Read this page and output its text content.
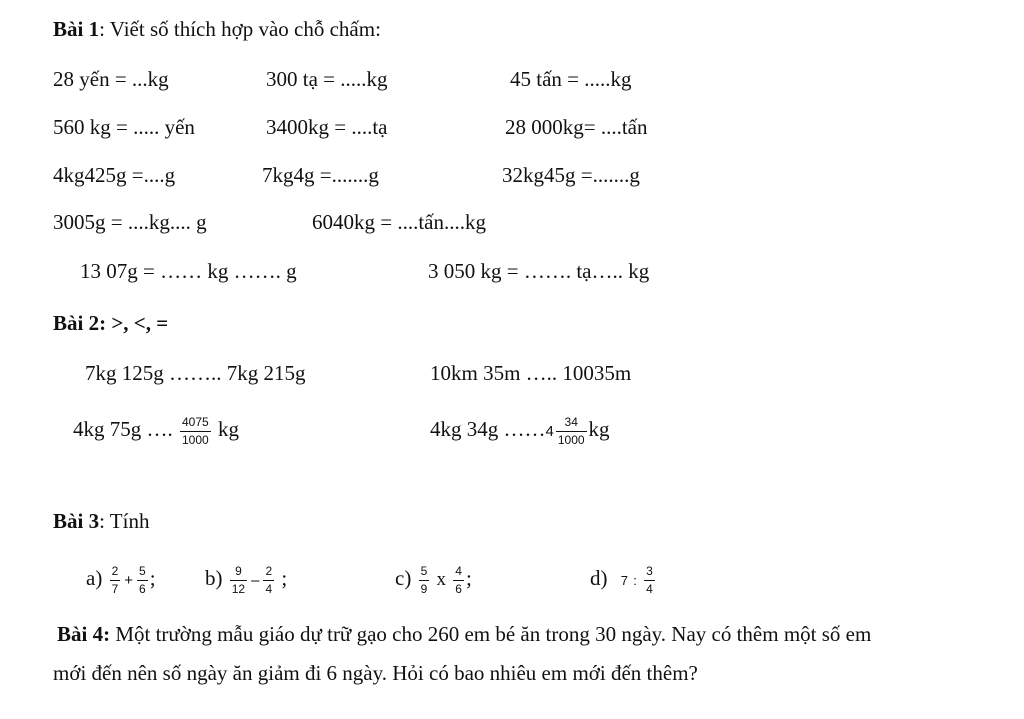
Bài 1: Viết số thích hợp vào chỗ chấm:
28 yến = ...kg	300 tạ = .....kg	45 tấn = .....kg
560 kg = ..... yến	3400kg = ....tạ	28 000kg= ....tấn
4kg425g =....g	7kg4g =.......g	32kg45g =.......g
3005g = ....kg.... g	6040kg = ....tấn....kg
13 07g = …… kg ……. g	3 050 kg = ……. tạ….. kg
Bài 2: >, <, =
7kg 125g …….. 7kg 215g	10km 35m ….. 10035m
4kg 75g …. $\frac{4075}{1000}$ kg	4kg 34g ……4 $\frac{34}{1000}$ kg
Bài 3: Tính
$a) \frac{2}{7} + \frac{5}{6}$ ; $b) \frac{9}{12} - \frac{2}{4}$ ;	$c) \frac{5}{9}$ x $\frac{4}{6}$ ;	d) 7 : $\frac{3}{4}$
Bài 4: Một trường mẫu giáo dự trữ gạo cho 260 em bé ăn trong 30 ngày. Nay có thêm một số em
mới đến nên số ngày ăn giảm đi 6 ngày. Hỏi có bao nhiêu em mới đến thêm?
